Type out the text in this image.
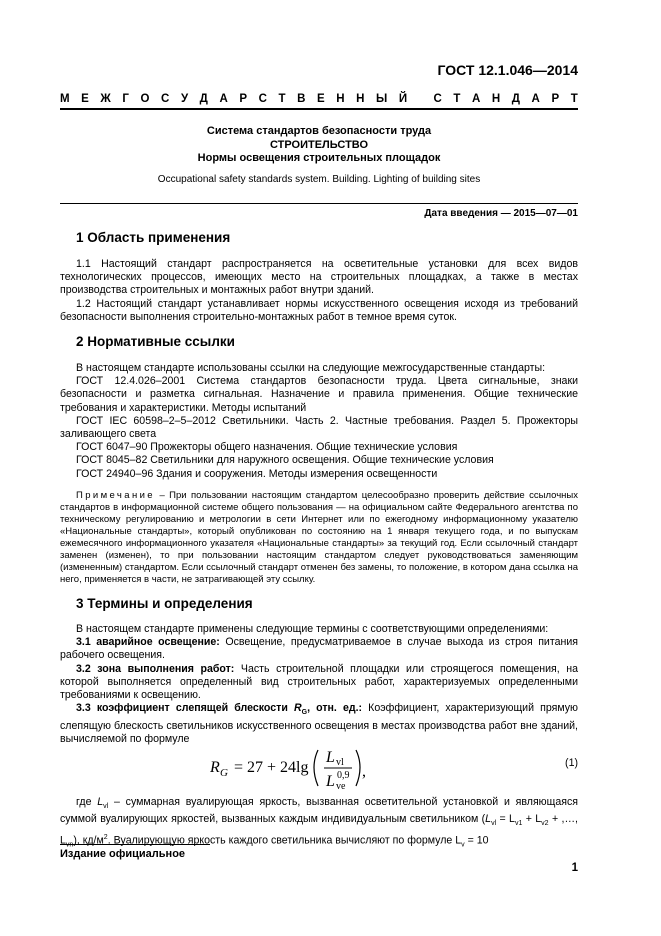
ГОСТ 12.1.046—2014
М Е Ж Г О С У Д А Р С Т В Е Н Н Ы Й
С Т А Н Д А Р Т
Система стандартов безопасности труда
СТРОИТЕЛЬСТВО
Нормы освещения строительных площадок
Occupational safety standards system. Building. Lighting of building sites
Дата введения — 2015—07—01
1 Область применения

1.1 Настоящий стандарт распространяется на осветительные установки для всех видов технологических процессов, имеющих место на строительных площадках, а также в местах производства строительных и монтажных работ внутри зданий.

1.2 Настоящий стандарт устанавливает нормы искусственного освещения исходя из требований безопасности выполнения строительно-монтажных работ в темное время суток.

2 Нормативные ссылки

В настоящем стандарте использованы ссылки на следующие межгосударственные стандарты:

ГОСТ 12.4.026–2001 Система стандартов безопасности труда. Цвета сигнальные, знаки безопасности и разметка сигнальная. Назначение и правила применения. Общие технические требования и характеристики. Методы испытаний

ГОСТ IEC 60598–2–5–2012 Светильники. Часть 2. Частные требования. Раздел 5. Прожекторы заливающего света

ГОСТ 6047–90 Прожекторы общего назначения. Общие технические условия

ГОСТ 8045–82 Светильники для наружного освещения. Общие технические условия

ГОСТ 24940–96 Здания и сооружения. Методы измерения освещенности

Примечание – При пользовании настоящим стандартом целесообразно проверить действие ссылочных стандартов в информационной системе общего пользования — на официальном сайте Федерального агентства по техническому регулированию и метрологии в сети Интернет или по ежегодному информационному указателю «Национальные стандарты», который опубликован по состоянию на 1 января текущего года, и по выпускам ежемесячного информационного указателя «Национальные стандарты» за текущий год. Если ссылочный стандарт заменен (изменен), то при пользовании настоящим стандартом следует руководствоваться заменяющим (измененным) стандартом. Если ссылочный стандарт отменен без замены, то положение, в котором дана ссылка на него, применяется в части, не затрагивающей эту ссылку.

3 Термины и определения

В настоящем стандарте применены следующие термины с соответствующими определениями:

3.1 аварийное освещение: Освещение, предусматриваемое в случае выхода из строя питания рабочего освещения.

3.2 зона выполнения работ: Часть строительной площадки или строящегося помещения, на которой выполняется определенный вид строительных работ, характеризуемых определенными требованиями к освещению.

3.3 коэффициент слепящей блескости $R_G$, отн. ед.: Коэффициент, характеризующий прямую слепящую блескость светильников искусственного освещения в местах производства работ вне зданий, вычисляемой по формуле

R G = 27 + 24lg
L vl
L ve
0,9 ,	(1)

где $L_{vl}$ – суммарная вуалирующая яркость, вызванная осветительной установкой и являющаяся суммой вуалирующих яркостей, вызванных каждым индивидуальным светильником ($L_{vl} = L_{v1} + L_{v2}$ + ,…, $L_{vn}$), $кд/м^2$. Вуалирующую яркость каждого светильника вычисляют по формуле $L_v = 10$

Издание официальное
1
